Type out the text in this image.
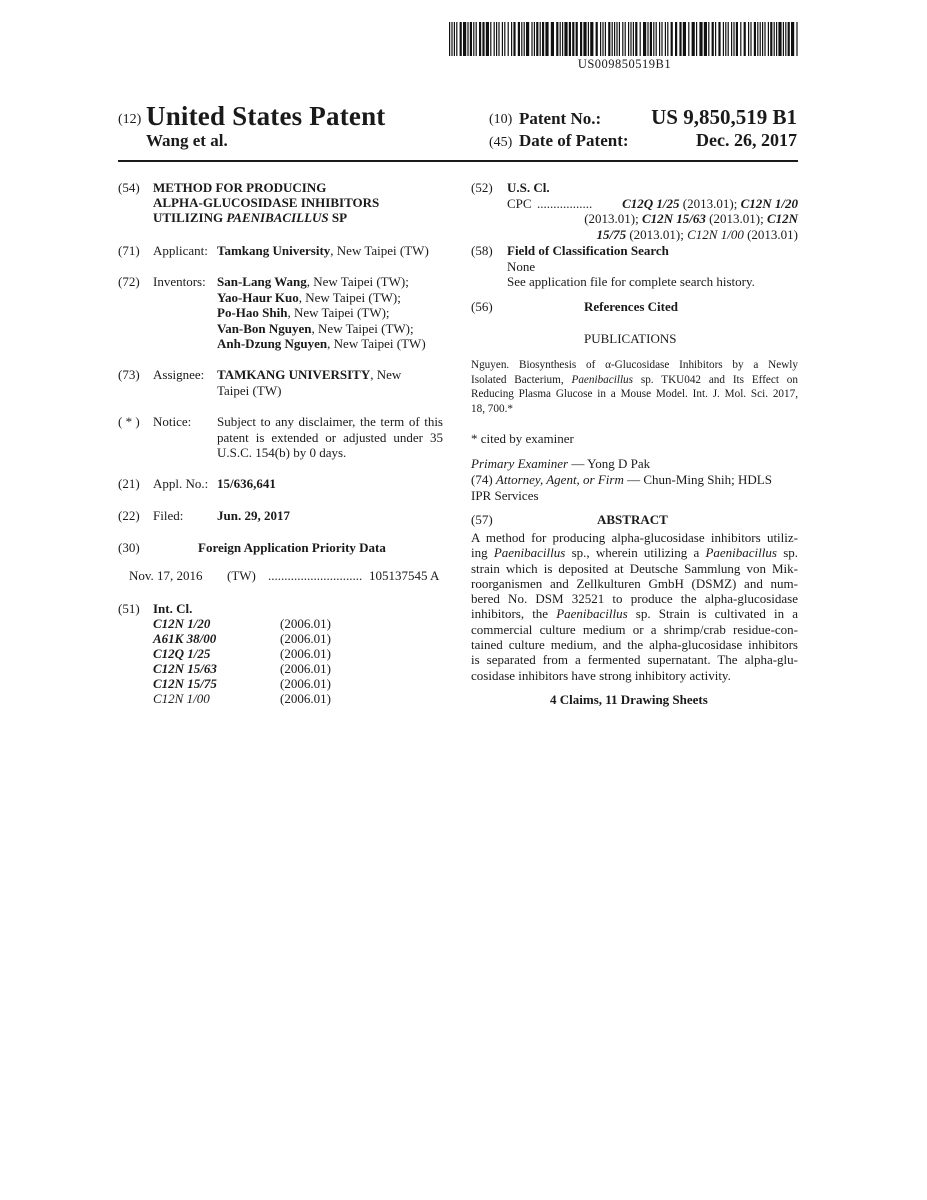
US009850519B1
(12) United States Patent
Wang et al.
(10) Patent No.: US 9,850,519 B1
(45) Date of Patent:	Dec. 26, 2017
(54) METHOD FOR PRODUCING
ALPHA-GLUCOSIDASE INHIBITORS
UTILIZING PAENIBACILLUS SP
(71) Applicant: Tamkang University, New Taipei (TW)
(72) Inventors: San-Lang Wang, New Taipei (TW);
Yao-Haur Kuo, New Taipei (TW);
Po-Hao Shih, New Taipei (TW);
Van-Bon Nguyen, New Taipei (TW);
Anh-Dzung Nguyen, New Taipei (TW)
(73) Assignee: TAMKANG UNIVERSITY, New
Taipei (TW)
( * ) Notice: Subject to any disclaimer, the term of this
patent is extended or adjusted under 35
U.S.C. 154(b) by 0 days.
(21) Appl. No.: 15/636,641
(22) Filed:	Jun. 29, 2017
(30)	Foreign Application Priority Data
Nov. 17, 2016 (TW) ............................. 105137545 A
(51) Int. Cl.
C12N 1/20	(2006.01)
A61K 38/00	(2006.01)
C12Q 1/25	(2006.01)
C12N 15/63	(2006.01)
C12N 15/75	(2006.01)
C12N 1/00	(2006.01)
(52) U.S. Cl.
CPC ................. C12Q 1/25 (2013.01); C12N 1/20
(2013.01); C12N 15/63 (2013.01); C12N
15/75 (2013.01); C12N 1/00 (2013.01)
(58) Field of Classification Search
None
See application file for complete search history.
(56)	References Cited
PUBLICATIONS
Nguyen. Biosynthesis of α-Glucosidase Inhibitors by a Newly
Isolated Bacterium, Paenibacillus sp. TKU042 and Its Effect on
Reducing Plasma Glucose in a Mouse Model. Int. J. Mol. Sci. 2017,
18, 700.*
* cited by examiner
Primary Examiner — Yong D Pak
(74) Attorney, Agent, or Firm — Chun-Ming Shih; HDLS
IPR Services
(57)	ABSTRACT
A method for producing alpha-glucosidase inhibitors utiliz-
ing Paenibacillus sp., wherein utilizing a Paenibacillus sp.
strain which is deposited at Deutsche Sammlung von Mik-
roorganismen and Zellkulturen GmbH (DSMZ) and num-
bered No. DSM 32521 to produce the alpha-glucosidase
inhibitors, the Paenibacillus sp. Strain is cultivated in a
commercial culture medium or a shrimp/crab residue-con-
tained culture medium, and the alpha-glucosidase inhibitors
is separated from a fermented supernatant. The alpha-glu-
cosidase inhibitors have strong inhibitory activity.
4 Claims, 11 Drawing Sheets
